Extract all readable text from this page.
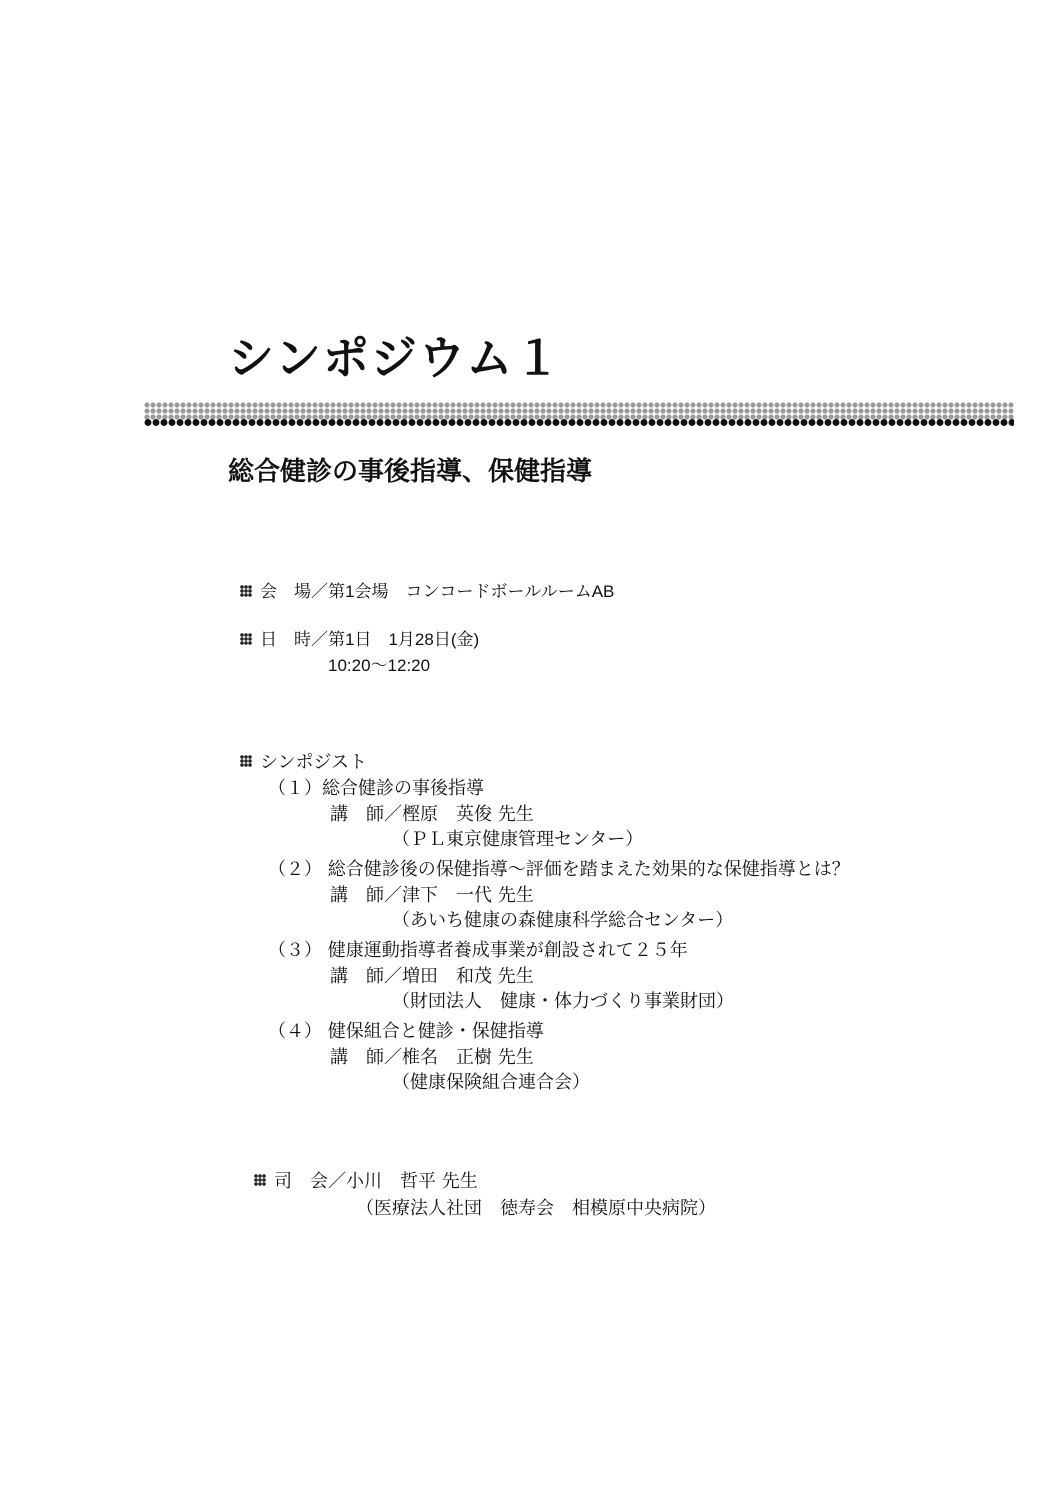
シンポジウム１
総合健診の事後指導、保健指導
会　場／第1会場　コンコードボールルームAB
日　時／第1日　1月28日(金)
10:20～12:20
シンポジスト
（１）総合健診の事後指導
講　師／樫原　英俊 先生
（ＰＬ東京健康管理センター）
（２） 総合健診後の保健指導～評価を踏まえた効果的な保健指導とは？
講　師／津下　一代 先生
（あいち健康の森健康科学総合センター）
（３） 健康運動指導者養成事業が創設されて２５年
講　師／増田　和茂 先生
（財団法人　健康・体力づくり事業財団）
（４） 健保組合と健診・保健指導
講　師／椎名　正樹 先生
（健康保険組合連合会）
司　会／小川　哲平 先生
（医療法人社団　徳寿会　相模原中央病院）
